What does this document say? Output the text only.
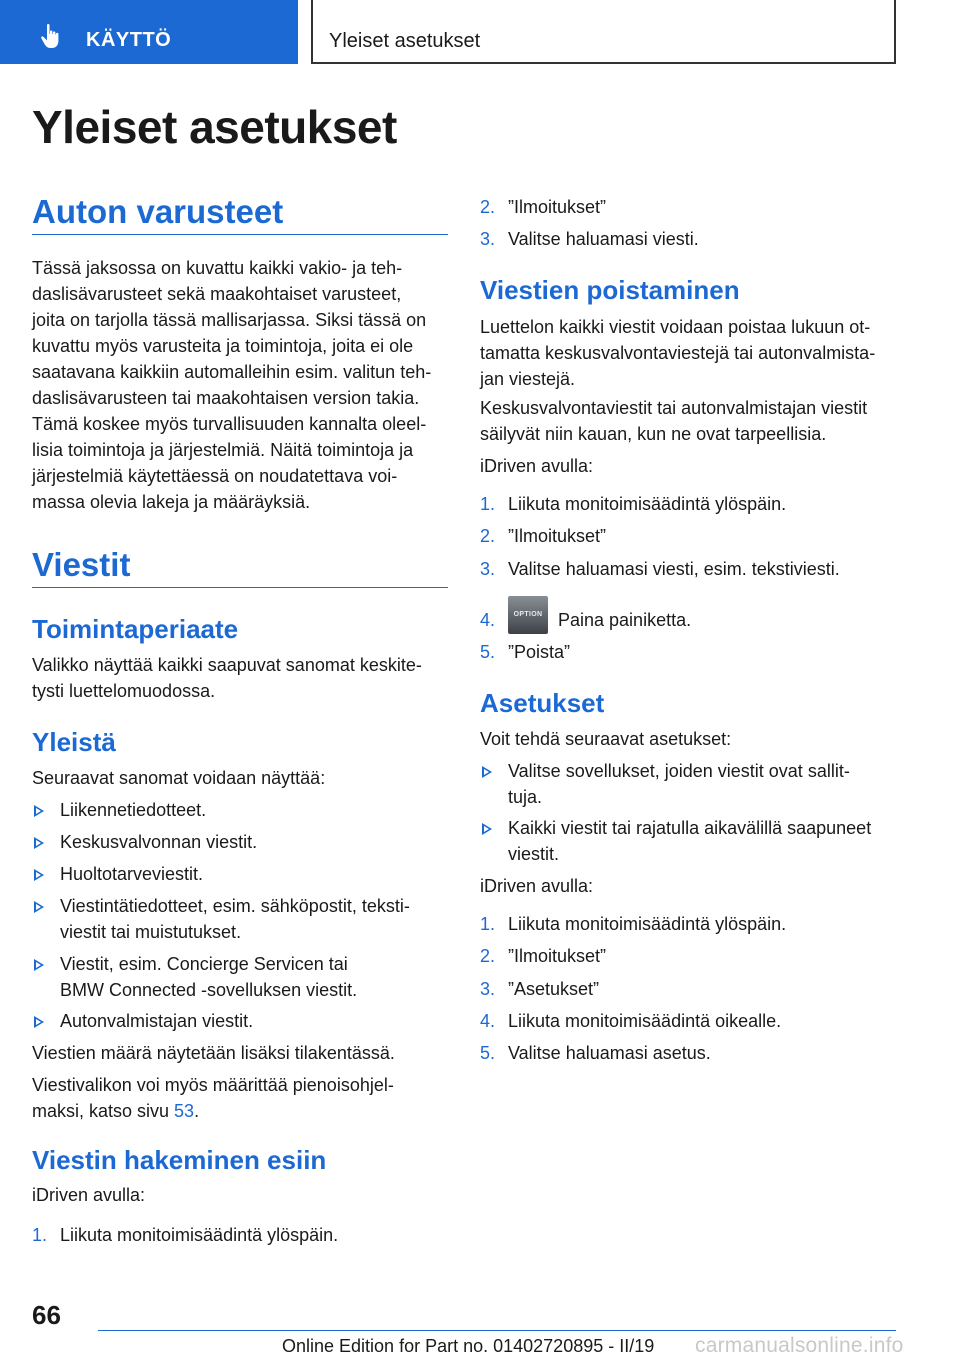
KÄYTTÖ	Yleiset asetukset
Yleiset asetukset
Auton varusteet
Tässä jaksossa on kuvattu kaikki vakio- ja teh-
daslisävarusteet sekä maakohtaiset varusteet,
joita on tarjolla tässä mallisarjassa. Siksi tässä on
kuvattu myös varusteita ja toimintoja, joita ei ole
saatavana kaikkiin automalleihin esim. valitun teh-
daslisävarusteen tai maakohtaisen version takia.
Tämä koskee myös turvallisuuden kannalta oleel-
lisia toimintoja ja järjestelmiä. Näitä toimintoja ja
järjestelmiä käytettäessä on noudatettava voi-
massa olevia lakeja ja määräyksiä.
Viestit
Toimintaperiaate
Valikko näyttää kaikki saapuvat sanomat keskite-
tysti luettelomuodossa.
Yleistä
Seuraavat sanomat voidaan näyttää:
Liikennetiedotteet.
Keskusvalvonnan viestit.
Huoltotarveviestit.
Viestintätiedotteet, esim. sähköpostit, teksti-
viestit tai muistutukset.
Viestit, esim. Concierge Servicen tai
BMW Connected -sovelluksen viestit.
Autonvalmistajan viestit.
Viestien määrä näytetään lisäksi tilakentässä.
Viestivalikon voi myös määrittää pienoisohjel-
maksi, katso sivu 53.
Viestin hakeminen esiin
iDriven avulla:
1. Liikuta monitoimisäädintä ylöspäin.
2. ”Ilmoitukset”
3. Valitse haluamasi viesti.
Viestien poistaminen
Luettelon kaikki viestit voidaan poistaa lukuun ot-
tamatta keskusvalvontaviestejä tai autonvalmista-
jan viestejä.
Keskusvalvontaviestit tai autonvalmistajan viestit
säilyvät niin kauan, kun ne ovat tarpeellisia.
iDriven avulla:
1. Liikuta monitoimisäädintä ylöspäin.
2. ”Ilmoitukset”
3. Valitse haluamasi viesti, esim. tekstiviesti.
4.	OPTION Paina painiketta.
5. ”Poista”
Asetukset
Voit tehdä seuraavat asetukset:
Valitse sovellukset, joiden viestit ovat sallit-
tuja.
Kaikki viestit tai rajatulla aikavälillä saapuneet
viestit.
iDriven avulla:
1. Liikuta monitoimisäädintä ylöspäin.
2. ”Ilmoitukset”
3. ”Asetukset”
4. Liikuta monitoimisäädintä oikealle.
5. Valitse haluamasi asetus.
66
Online Edition for Part no. 01402720895 - II/19 carmanualsonline.info
